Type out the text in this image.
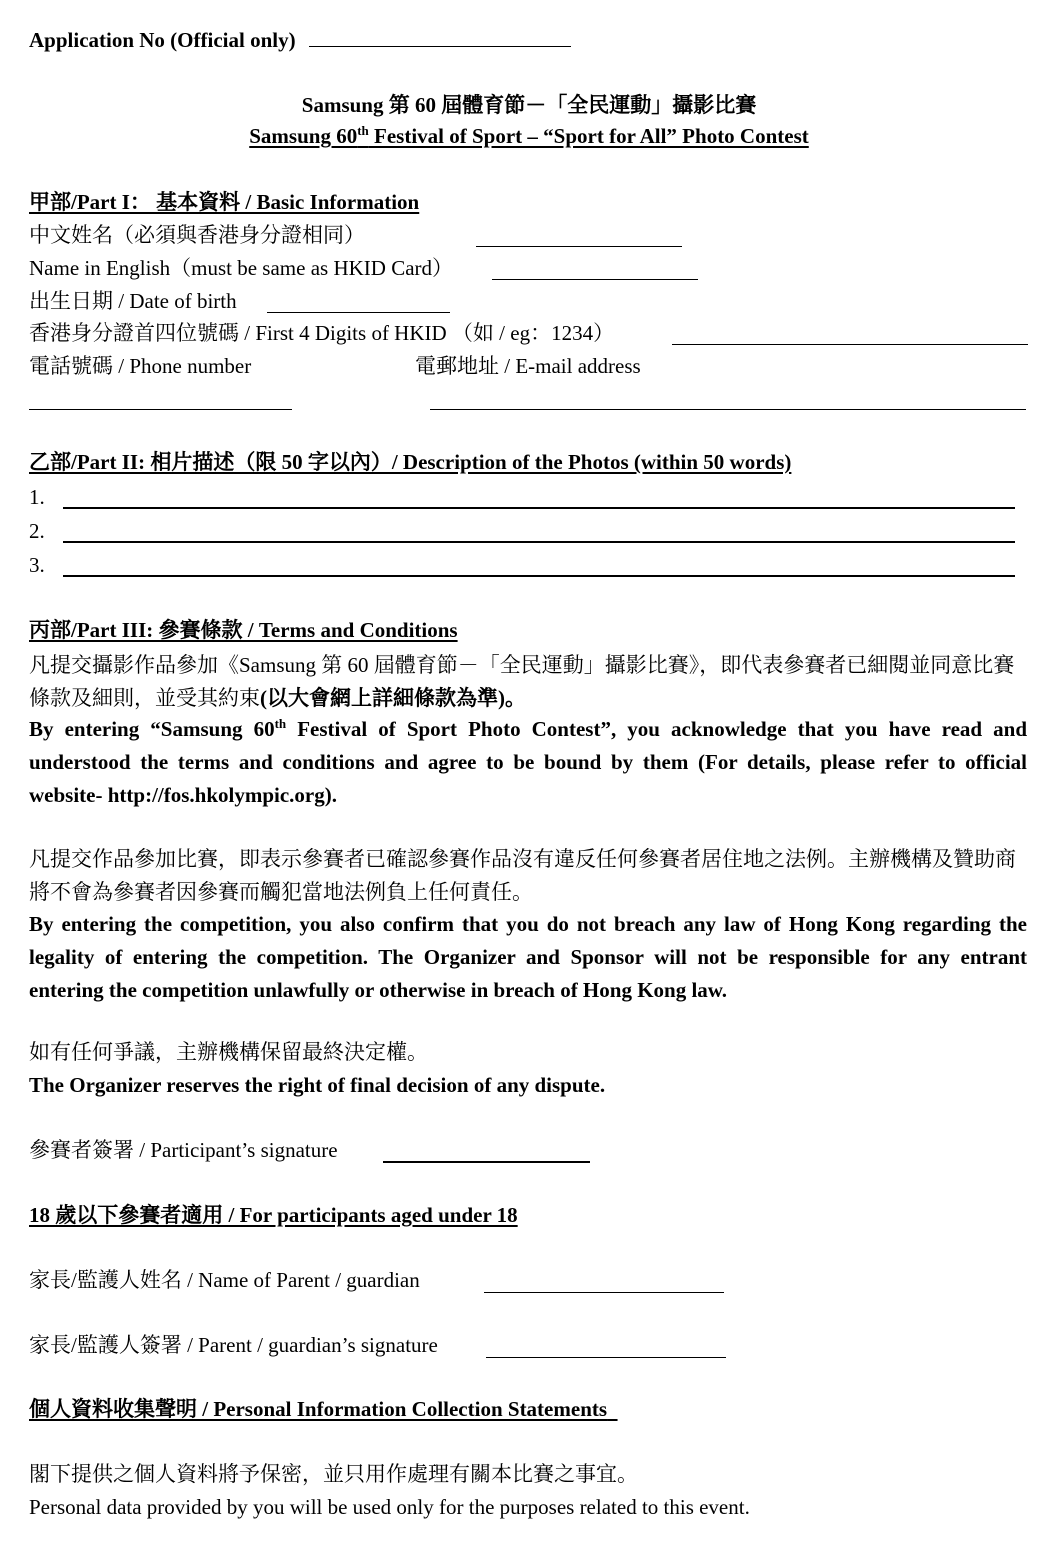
Application No (Official only)
Samsung 第 60 屆體育節－「全民運動」攝影比賽
Samsung 60th Festival of Sport – “Sport for All” Photo Contest
甲部/Part I： 基本資料 / Basic Information
中文姓名（必須與香港身分證相同）
Name in English（must be same as HKID Card）
出生日期 / Date of birth
香港身分證首四位號碼 / First 4 Digits of HKID （如 / eg：1234）
電話號碼 / Phone number	電郵地址 / E-mail address
乙部/Part II: 相片描述（限 50 字以內）/ Description of the Photos (within 50 words)
1.
2.
3.
丙部/Part III: 參賽條款 / Terms and Conditions
凡提交攝影作品參加《Samsung 第 60 屆體育節－「全民運動」攝影比賽》，即代表參賽者已細閱並同意比賽條款及細則，並受其約束(以大會網上詳細條款為準)。
By entering “Samsung 60th Festival of Sport Photo Contest”, you acknowledge that you have read and understood the terms and conditions and agree to be bound by them (For details, please refer to official website- http://fos.hkolympic.org).
凡提交作品參加比賽，即表示參賽者已確認參賽作品沒有違反任何參賽者居住地之法例。主辦機構及贊助商將不會為參賽者因參賽而觸犯當地法例負上任何責任。
By entering the competition, you also confirm that you do not breach any law of Hong Kong regarding the legality of entering the competition. The Organizer and Sponsor will not be responsible for any entrant entering the competition unlawfully or otherwise in breach of Hong Kong law.
如有任何爭議，主辦機構保留最終決定權。
The Organizer reserves the right of final decision of any dispute.
參賽者簽署 / Participant’s signature
18 歲以下參賽者適用 / For participants aged under 18
家長/監護人姓名 / Name of Parent / guardian
家長/監護人簽署 / Parent / guardian’s signature
個人資料收集聲明 / Personal Information Collection Statements
閣下提供之個人資料將予保密，並只用作處理有關本比賽之事宜。
Personal data provided by you will be used only for the purposes related to this event.
